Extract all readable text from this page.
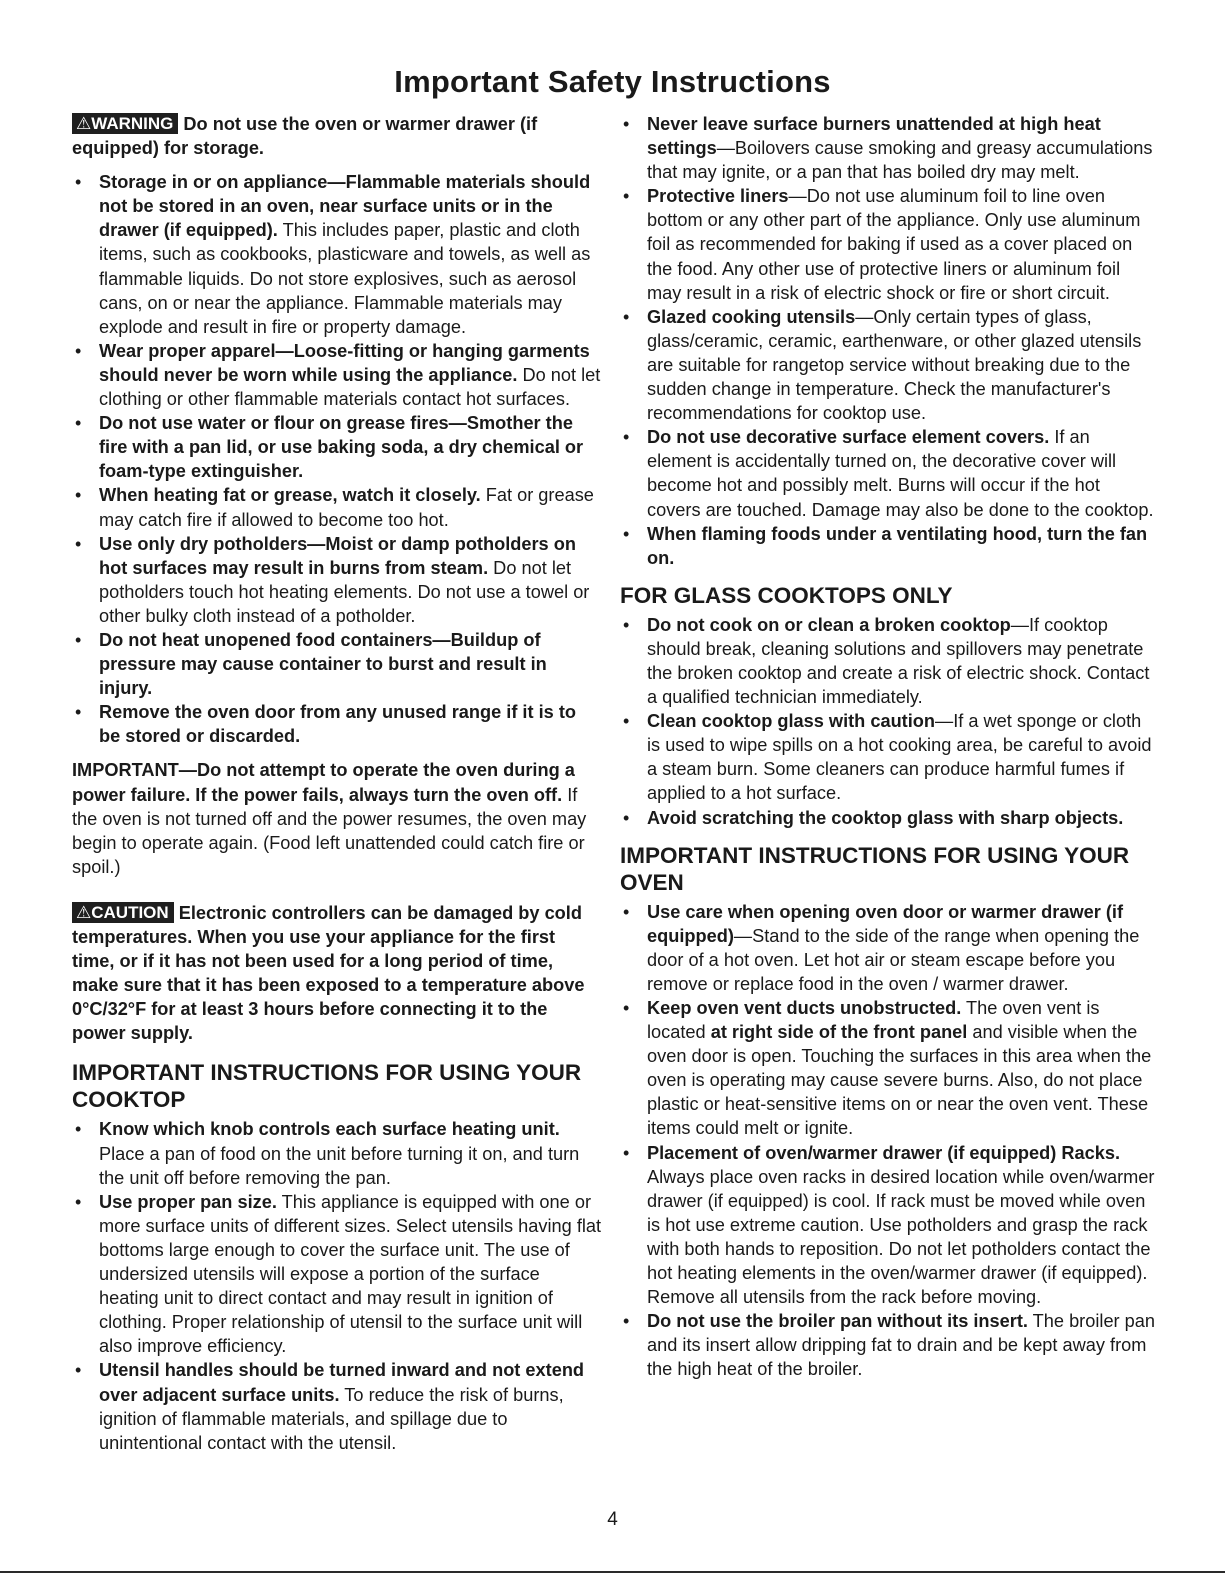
Important Safety Instructions

⚠WARNING Do not use the oven or warmer drawer (if equipped) for storage.

• Storage in or on appliance—Flammable materials should not be stored in an oven, near surface units or in the drawer (if equipped). This includes paper, plastic and cloth items, such as cookbooks, plasticware and towels, as well as flammable liquids. Do not store explosives, such as aerosol cans, on or near the appliance. Flammable materials may explode and result in fire or property damage.
• Wear proper apparel—Loose-fitting or hanging garments should never be worn while using the appliance. Do not let clothing or other flammable materials contact hot surfaces.
• Do not use water or flour on grease fires—Smother the fire with a pan lid, or use baking soda, a dry chemical or foam-type extinguisher.
• When heating fat or grease, watch it closely. Fat or grease may catch fire if allowed to become too hot.
• Use only dry potholders—Moist or damp potholders on hot surfaces may result in burns from steam. Do not let potholders touch hot heating elements. Do not use a towel or other bulky cloth instead of a potholder.
• Do not heat unopened food containers—Buildup of pressure may cause container to burst and result in injury.
• Remove the oven door from any unused range if it is to be stored or discarded.

IMPORTANT—Do not attempt to operate the oven during a power failure. If the power fails, always turn the oven off. If the oven is not turned off and the power resumes, the oven may begin to operate again. (Food left unattended could catch fire or spoil.)

⚠CAUTION Electronic controllers can be damaged by cold temperatures. When you use your appliance for the first time, or if it has not been used for a long period of time, make sure that it has been exposed to a temperature above 0°C/32°F for at least 3 hours before connecting it to the power supply.

IMPORTANT INSTRUCTIONS FOR USING YOUR COOKTOP
• Know which knob controls each surface heating unit. Place a pan of food on the unit before turning it on, and turn the unit off before removing the pan.
• Use proper pan size. This appliance is equipped with one or more surface units of different sizes. Select utensils having flat bottoms large enough to cover the surface unit. The use of undersized utensils will expose a portion of the surface heating unit to direct contact and may result in ignition of clothing. Proper relationship of utensil to the surface unit will also improve efficiency.
• Utensil handles should be turned inward and not extend over adjacent surface units. To reduce the risk of burns, ignition of flammable materials, and spillage due to unintentional contact with the utensil.
• Never leave surface burners unattended at high heat settings—Boilovers cause smoking and greasy accumulations that may ignite, or a pan that has boiled dry may melt.
• Protective liners—Do not use aluminum foil to line oven bottom or any other part of the appliance. Only use aluminum foil as recommended for baking if used as a cover placed on the food. Any other use of protective liners or aluminum foil may result in a risk of electric shock or fire or short circuit.
• Glazed cooking utensils—Only certain types of glass, glass/ceramic, ceramic, earthenware, or other glazed utensils are suitable for rangetop service without breaking due to the sudden change in temperature. Check the manufacturer's recommendations for cooktop use.
• Do not use decorative surface element covers. If an element is accidentally turned on, the decorative cover will become hot and possibly melt. Burns will occur if the hot covers are touched. Damage may also be done to the cooktop.
• When flaming foods under a ventilating hood, turn the fan on.
FOR GLASS COOKTOPS ONLY
• Do not cook on or clean a broken cooktop—If cooktop should break, cleaning solutions and spillovers may penetrate the broken cooktop and create a risk of electric shock. Contact a qualified technician immediately.
• Clean cooktop glass with caution—If a wet sponge or cloth is used to wipe spills on a hot cooking area, be careful to avoid a steam burn. Some cleaners can produce harmful fumes if applied to a hot surface.
• Avoid scratching the cooktop glass with sharp objects.
IMPORTANT INSTRUCTIONS FOR USING YOUR OVEN
• Use care when opening oven door or warmer drawer (if equipped)—Stand to the side of the range when opening the door of a hot oven. Let hot air or steam escape before you remove or replace food in the oven / warmer drawer.
• Keep oven vent ducts unobstructed. The oven vent is located at right side of the front panel and visible when the oven door is open. Touching the surfaces in this area when the oven is operating may cause severe burns. Also, do not place plastic or heat-sensitive items on or near the oven vent. These items could melt or ignite.
• Placement of oven/warmer drawer (if equipped) Racks. Always place oven racks in desired location while oven/warmer drawer (if equipped) is cool. If rack must be moved while oven is hot use extreme caution. Use potholders and grasp the rack with both hands to reposition. Do not let potholders contact the hot heating elements in the oven/warmer drawer (if equipped). Remove all utensils from the rack before moving.
• Do not use the broiler pan without its insert. The broiler pan and its insert allow dripping fat to drain and be kept away from the high heat of the broiler.
4
